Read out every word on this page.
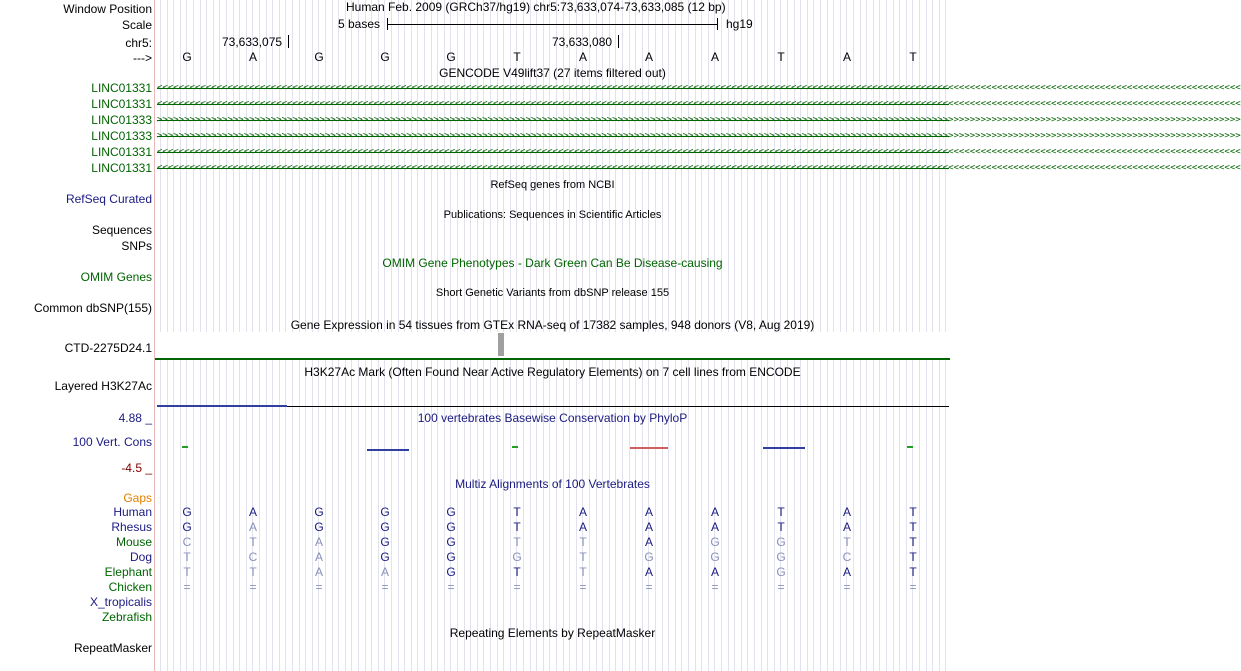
Window Position	Human Feb. 2009 (GRCh37/hg19) chr5:73,633,074-73,633,085 (12 bp)
Scale	5 bases	hg19
chr5:	73,633,075	73,633,080
--->	G	A	G	G	G	T	A	A	A	T	A	T
GENCODE V49lift37 (27 items filtered out)
LINC01331 <<<<<<<<<<<<<<<<<<<<<<<<<<<<<<<<<<<<<<<<<<<<<<<<<<<<<<<<<<<<<<<<<<<<<<<<<<<<<<<<<<<<<<<<<<<<<<<<<<<<<<<<<<<<<<<<<<<<<<<<<<<<<<<<<<<<<<<<<<<<<<<<<<<<<<<<<<<<<<<<<<<<<<<<<<<<<<<<<<<<<<<<<<<<<<<<<<<<<<<<
LINC01331 <<<<<<<<<<<<<<<<<<<<<<<<<<<<<<<<<<<<<<<<<<<<<<<<<<<<<<<<<<<<<<<<<<<<<<<<<<<<<<<<<<<<<<<<<<<<<<<<<<<<<<<<<<<<<<<<<<<<<<<<<<<<<<<<<<<<<<<<<<<<<<<<<<<<<<<<<<<<<<<<<<<<<<<<<<<<<<<<<<<<<<<<<<<<<<<<<<<<<<<<
LINC01333 >>>>>>>>>>>>>>>>>>>>>>>>>>>>>>>>>>>>>>>>>>>>>>>>>>>>>>>>>>>>>>>>>>>>>>>>>>>>>>>>>>>>>>>>>>>>>>>>>>>>>>>>>>>>>>>>>>>>>>>>>>>>>>>>>>>>>>>>>>>>>>>>>>>>>>>>>>>>>>>>>>>>>>>>>>>>>>>>>>>>>>>>>>>>>>>>>>>>>>>>
LINC01333 >>>>>>>>>>>>>>>>>>>>>>>>>>>>>>>>>>>>>>>>>>>>>>>>>>>>>>>>>>>>>>>>>>>>>>>>>>>>>>>>>>>>>>>>>>>>>>>>>>>>>>>>>>>>>>>>>>>>>>>>>>>>>>>>>>>>>>>>>>>>>>>>>>>>>>>>>>>>>>>>>>>>>>>>>>>>>>>>>>>>>>>>>>>>>>>>>>>>>>>>
LINC01331 <<<<<<<<<<<<<<<<<<<<<<<<<<<<<<<<<<<<<<<<<<<<<<<<<<<<<<<<<<<<<<<<<<<<<<<<<<<<<<<<<<<<<<<<<<<<<<<<<<<<<<<<<<<<<<<<<<<<<<<<<<<<<<<<<<<<<<<<<<<<<<<<<<<<<<<<<<<<<<<<<<<<<<<<<<<<<<<<<<<<<<<<<<<<<<<<<<<<<<<<
LINC01331 <<<<<<<<<<<<<<<<<<<<<<<<<<<<<<<<<<<<<<<<<<<<<<<<<<<<<<<<<<<<<<<<<<<<<<<<<<<<<<<<<<<<<<<<<<<<<<<<<<<<<<<<<<<<<<<<<<<<<<<<<<<<<<<<<<<<<<<<<<<<<<<<<<<<<<<<<<<<<<<<<<<<<<<<<<<<<<<<<<<<<<<<<<<<<<<<<<<<<<<<
RefSeq genes from NCBI
RefSeq Curated
Publications: Sequences in Scientific Articles
Sequences
SNPs
OMIM Gene Phenotypes - Dark Green Can Be Disease-causing
OMIM Genes
Short Genetic Variants from dbSNP release 155
Common dbSNP(155)
Gene Expression in 54 tissues from GTEx RNA-seq of 17382 samples, 948 donors (V8, Aug 2019)
CTD-2275D24.1
H3K27Ac Mark (Often Found Near Active Regulatory Elements) on 7 cell lines from ENCODE
Layered H3K27Ac
100 vertebrates Basewise Conservation by PhyloP
4.88 _
100 Vert. Cons
-4.5 _
Multiz Alignments of 100 Vertebrates
Gaps
Human	G	A	G	G	G	T	A	A	A	T	A	T
Rhesus	G	A	G	G	G	T	A	A	A	T	A	T
Mouse	C	T	A	G	G	T	T	A	G	G	T	T
Dog	T	C	A	G	G	G	T	G	G	G	C	T
Elephant	T	T	A	A	G	T	T	A	A	G	A	T
Chicken	=	=	=	=	=	=	=	=	=	=	=	=
X_tropicalis
Zebrafish
Repeating Elements by RepeatMasker
RepeatMasker
